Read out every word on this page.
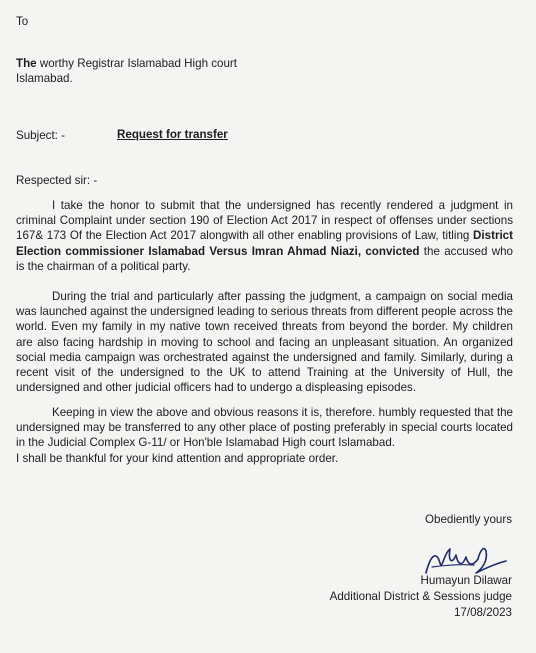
To
The worthy Registrar Islamabad High court
Islamabad.
Subject: -	Request for transfer
Respected sir: -
I take the honor to submit that the undersigned has recently rendered a judgment in criminal Complaint under section 190 of Election Act 2017 in respect of offenses under sections 167& 173 Of the Election Act 2017 alongwith all other enabling provisions of Law, titling District Election commissioner Islamabad Versus Imran Ahmad Niazi, convicted the accused who is the chairman of a political party.
During the trial and particularly after passing the judgment, a campaign on social media was launched against the undersigned leading to serious threats from different people across the world. Even my family in my native town received threats from beyond the border. My children are also facing hardship in moving to school and facing an unpleasant situation. An organized social media campaign was orchestrated against the undersigned and family. Similarly, during a recent visit of the undersigned to the UK to attend Training at the University of Hull, the undersigned and other judicial officers had to undergo a displeasing episodes.
Keeping in view the above and obvious reasons it is, therefore. humbly requested that the undersigned may be transferred to any other place of posting preferably in special courts located in the Judicial Complex G-11/ or Hon'ble Islamabad High court Islamabad.
I shall be thankful for your kind attention and appropriate order.
Obediently yours
Humayun Dilawar
Additional District & Sessions judge
17/08/2023
